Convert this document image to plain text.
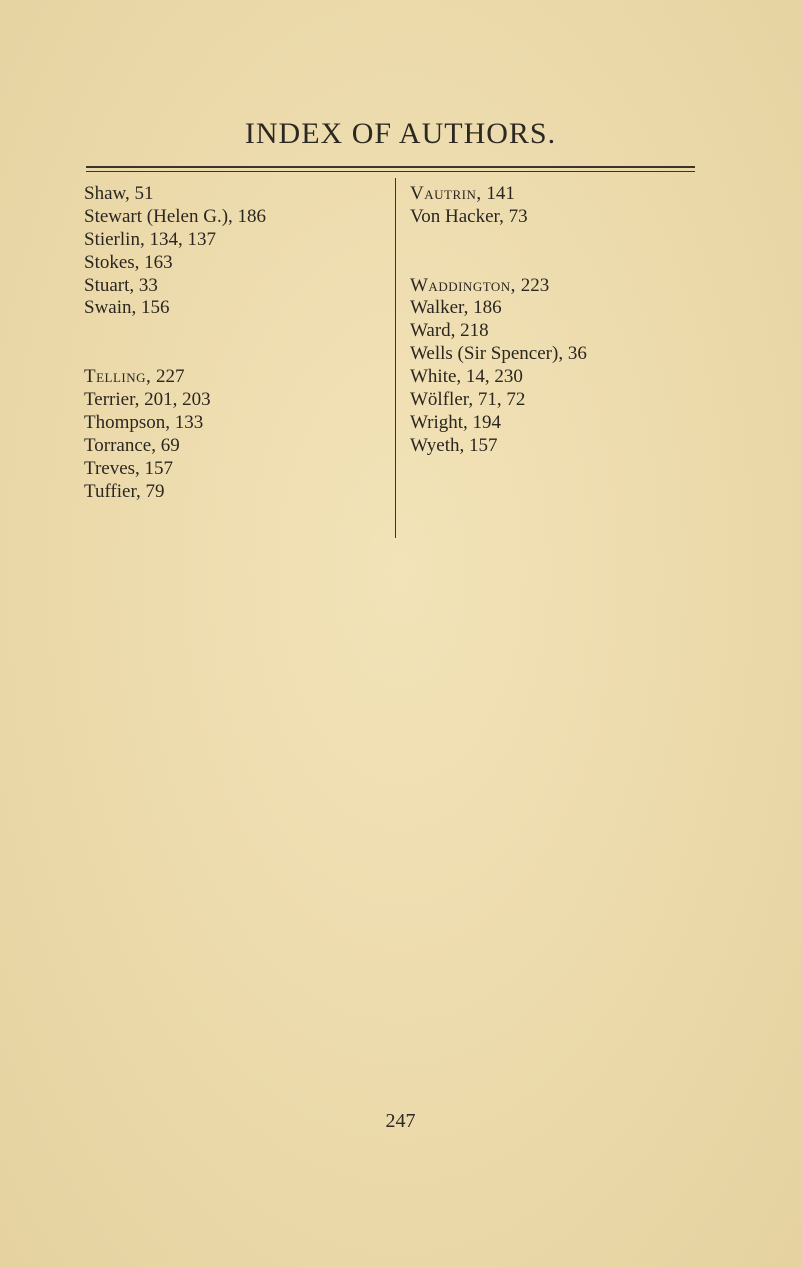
INDEX OF AUTHORS.
Shaw, 51
Stewart (Helen G.), 186
Stierlin, 134, 137
Stokes, 163
Stuart, 33
Swain, 156
Telling, 227
Terrier, 201, 203
Thompson, 133
Torrance, 69
Treves, 157
Tuffier, 79
Vautrin, 141
Von Hacker, 73
Waddington, 223
Walker, 186
Ward, 218
Wells (Sir Spencer), 36
White, 14, 230
Wölfler, 71, 72
Wright, 194
Wyeth, 157
247
